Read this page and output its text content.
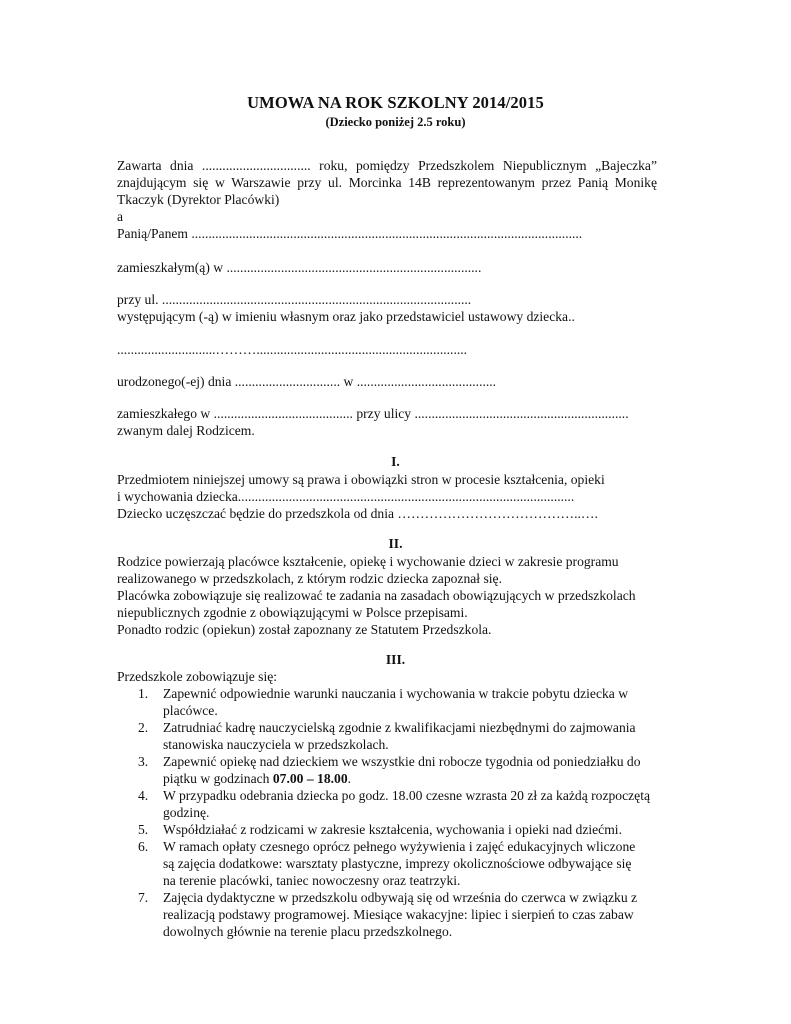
UMOWA NA ROK SZKOLNY 2014/2015
(Dziecko poniżej 2.5 roku)
Zawarta dnia ................................ roku, pomiędzy Przedszkolem Niepublicznym „Bajeczka”
znajdującym się w Warszawie przy ul. Morcinka 14B reprezentowanym przez Panią Monikę
Tkaczyk (Dyrektor Placówki)
a
Panią/Panem ...................................................................................................................
zamieszkałym(ą) w ...........................................................................
przy ul. ...........................................................................................
występującym (-ą) w imieniu własnym oraz jako przedstawiciel ustawowy dziecka..
.............................………..............................................................
urodzonego(-ej) dnia ............................... w .........................................
zamieszkałego w ......................................... przy ulicy ...............................................................
zwanym dalej Rodzicem.
I.
Przedmiotem niniejszej umowy są prawa i obowiązki stron w procesie kształcenia, opieki
i wychowania dziecka...................................................................................................
Dziecko uczęszczać będzie do przedszkola od dnia …………………………………..….
II.
Rodzice powierzają placówce kształcenie, opiekę i wychowanie dzieci w zakresie programu
realizowanego w przedszkolach, z którym rodzic dziecka zapoznał się.
Placówka zobowiązuje się realizować te zadania na zasadach obowiązujących w przedszkolach
niepublicznych zgodnie z obowiązującymi w Polsce przepisami.
Ponadto rodzic (opiekun) został zapoznany ze Statutem Przedszkola.
III.
Przedszkole zobowiązuje się:
1. Zapewnić odpowiednie warunki nauczania i wychowania w trakcie pobytu dziecka w
placówce.
2. Zatrudniać kadrę nauczycielską zgodnie z kwalifikacjami niezbędnymi do zajmowania
stanowiska nauczyciela w przedszkolach.
3. Zapewnić opiekę nad dzieckiem we wszystkie dni robocze tygodnia od poniedziałku do
piątku w godzinach 07.00 – 18.00.
4. W przypadku odebrania dziecka po godz. 18.00 czesne wzrasta 20 zł za każdą rozpoczętą
godzinę.
5. Współdziałać z rodzicami w zakresie kształcenia, wychowania i opieki nad dziećmi.
6. W ramach opłaty czesnego oprócz pełnego wyżywienia i zajęć edukacyjnych wliczone
są zajęcia dodatkowe: warsztaty plastyczne, imprezy okolicznościowe odbywające się
na terenie placówki, taniec nowoczesny oraz teatrzyki.
7. Zajęcia dydaktyczne w przedszkolu odbywają się od września do czerwca w związku z
realizacją podstawy programowej. Miesiące wakacyjne: lipiec i sierpień to czas zabaw
dowolnych głównie na terenie placu przedszkolnego.
